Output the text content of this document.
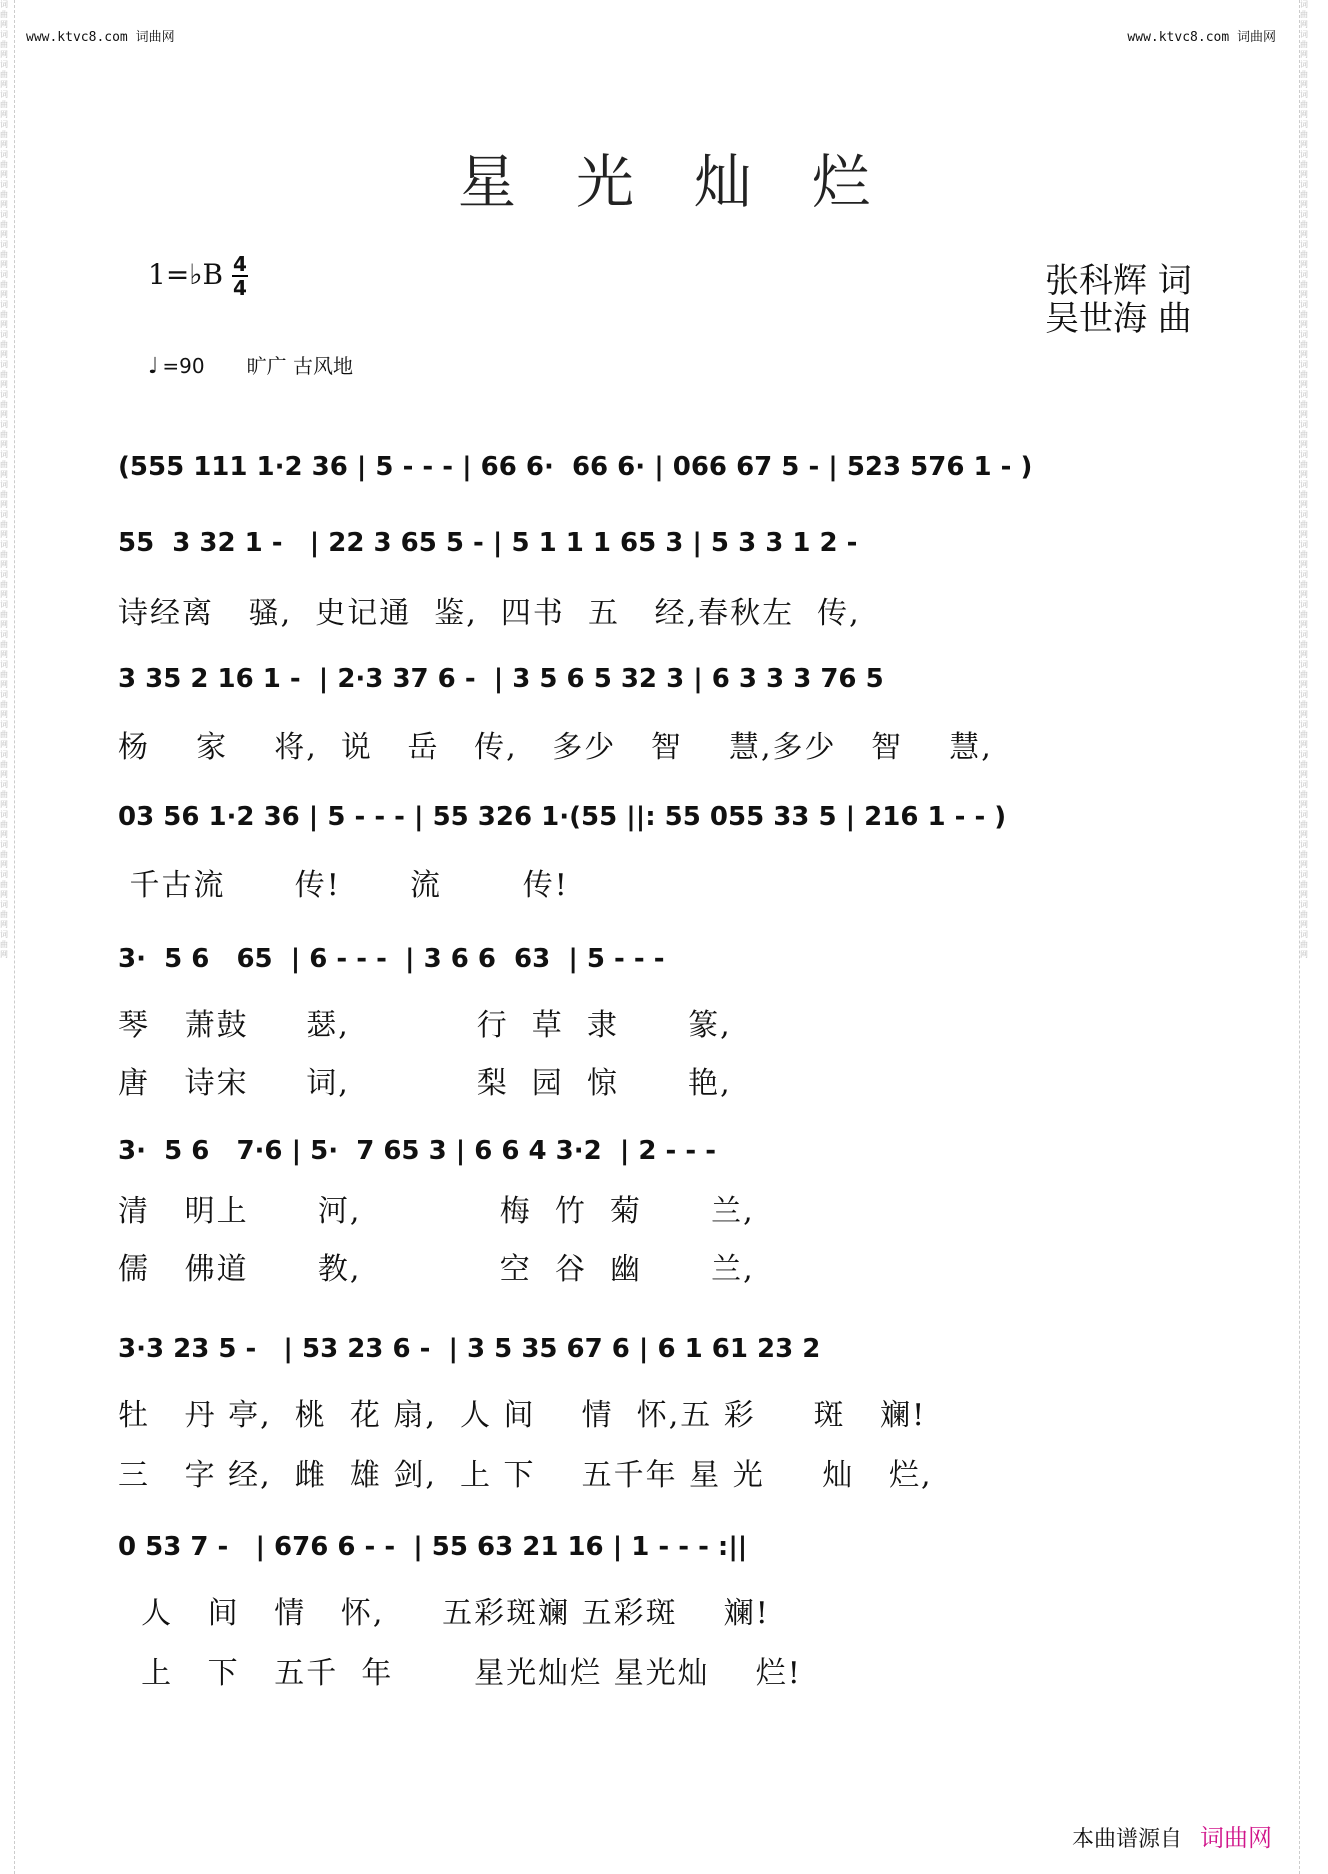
www.ktvc8.com 词曲网	www.ktvc8.com 词曲网
词曲网词曲网词曲网词曲网词曲网词曲网词曲网词曲网词曲网词曲网词曲网词曲网词曲网词曲网词曲网词曲网词曲网词曲网词曲网词曲网词曲网词曲网词曲网词曲网词曲网词曲网词曲网词曲网词曲网词曲网词曲网词曲网
词曲网词曲网词曲网词曲网词曲网词曲网词曲网词曲网词曲网词曲网词曲网词曲网词曲网词曲网词曲网词曲网词曲网词曲网词曲网词曲网词曲网词曲网词曲网词曲网词曲网词曲网词曲网词曲网词曲网词曲网词曲网词曲网
星光灿烂
1=♭B 4
4	张科辉 词
吴世海 曲
♩ =90 旷广 古风地
(555 111 1·2 36 | 5 - - - | 66 6·  66 6· | 066 67 5 - | 523 576 1 - )
55  3 32 1 -   | 22 3 65 5 - | 5 1 1 1 65 3 | 5 3 3 1 2 -
诗经离   骚,  史记通  鉴,  四书  五   经,春秋左  传,
3 35 2 16 1 -  | 2·3 37 6 -  | 3 5 6 5 32 3 | 6 3 3 3 76 5
杨    家    将,  说   岳   传,   多少   智    慧,多少   智    慧,
03 56 1·2 36 | 5 - - - | 55 326 1·(55 ||: 55 055 33 5 | 216 1 - - )
千古流      传!      流       传!
3·  5 6   65  | 6 - - -  | 3 6 6  63  | 5 - - -
琴   萧鼓     瑟,           行  草  隶      篆,
唐   诗宋     词,           梨  园  惊      艳,
3·  5 6   7·6 | 5·  7 65 3 | 6 6 4 3·2  | 2 - - -
清   明上      河,            梅  竹  菊      兰,
儒   佛道      教,            空  谷  幽      兰,
3·3 23 5 -   | 53 23 6 -  | 3 5 35 67 6 | 6 1 61 23 2
牡   丹 亭,  桃  花 扇,  人 间    情  怀,五 彩     斑   斓!
三   字 经,  雌  雄 剑,  上 下    五千年 星 光     灿   烂,
0 53 7 -   | 676 6 - -  | 55 63 21 16 | 1 - - - :||
人   间   情   怀,     五彩斑斓 五彩斑    斓!
上   下   五千  年       星光灿烂 星光灿    烂!
本曲谱源自 词曲网
